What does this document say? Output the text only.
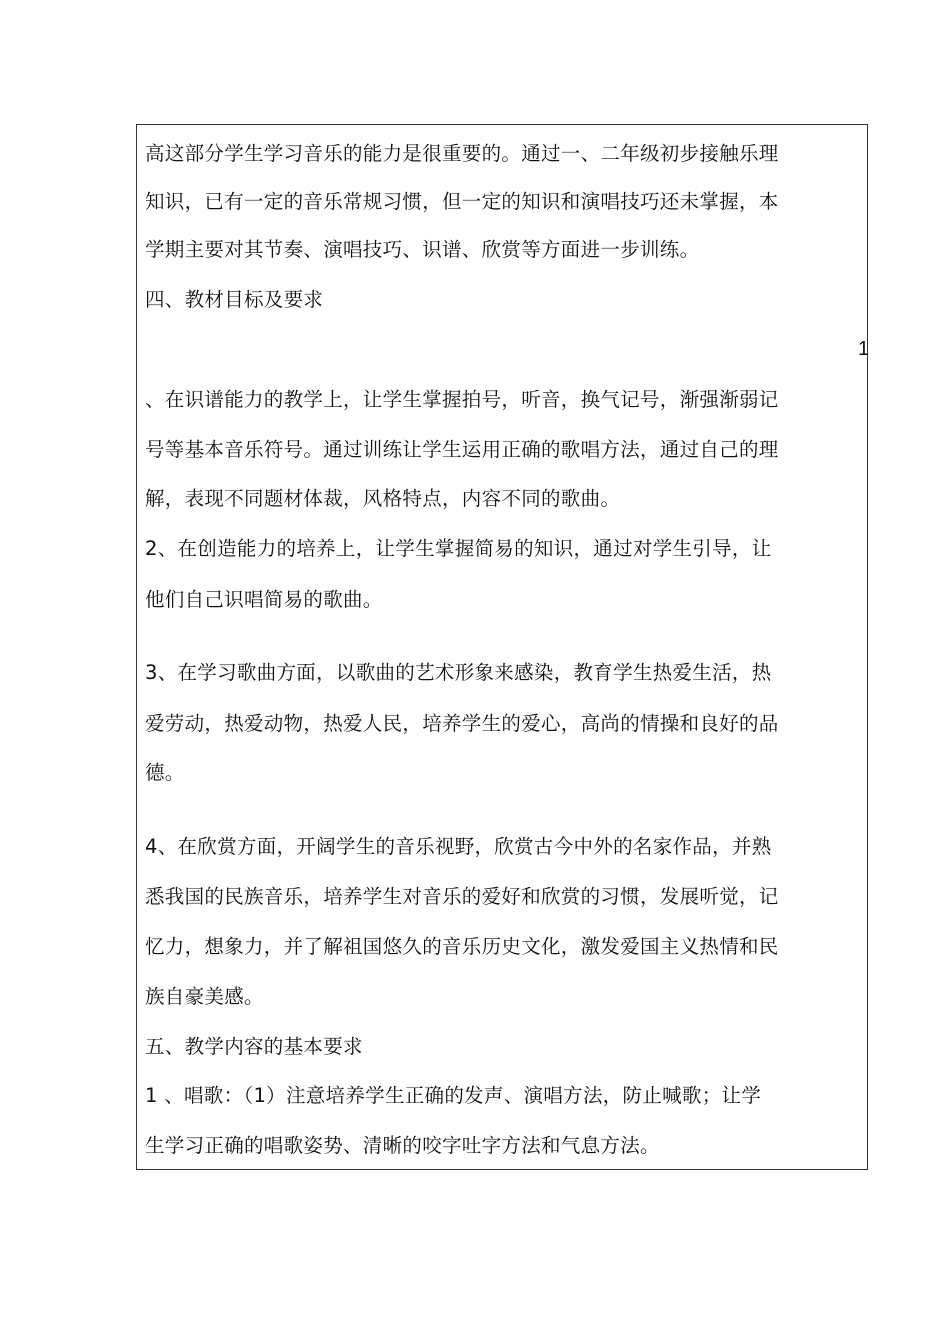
1
高这部分学生学习音乐的能力是很重要的。通过一、二年级初步接触乐理
知识，已有一定的音乐常规习惯，但一定的知识和演唱技巧还未掌握，本
学期主要对其节奏、演唱技巧、识谱、欣赏等方面进一步训练。
四、教材目标及要求
、在识谱能力的教学上，让学生掌握拍号，听音，换气记号，渐强渐弱记
号等基本音乐符号。通过训练让学生运用正确的歌唱方法，通过自己的理
解，表现不同题材体裁，风格特点，内容不同的歌曲。
2、在创造能力的培养上，让学生掌握简易的知识，通过对学生引导，让
他们自己识唱简易的歌曲。
3、在学习歌曲方面，以歌曲的艺术形象来感染，教育学生热爱生活，热
爱劳动，热爱动物，热爱人民，培养学生的爱心，高尚的情操和良好的品
德。
4、在欣赏方面，开阔学生的音乐视野，欣赏古今中外的名家作品，并熟
悉我国的民族音乐，培养学生对音乐的爱好和欣赏的习惯，发展听觉，记
忆力，想象力，并了解祖国悠久的音乐历史文化，激发爱国主义热情和民
族自豪美感。
五、教学内容的基本要求
1 、唱歌：（1）注意培养学生正确的发声、演唱方法，防止喊歌；让学
生学习正确的唱歌姿势、清晰的咬字吐字方法和气息方法。
